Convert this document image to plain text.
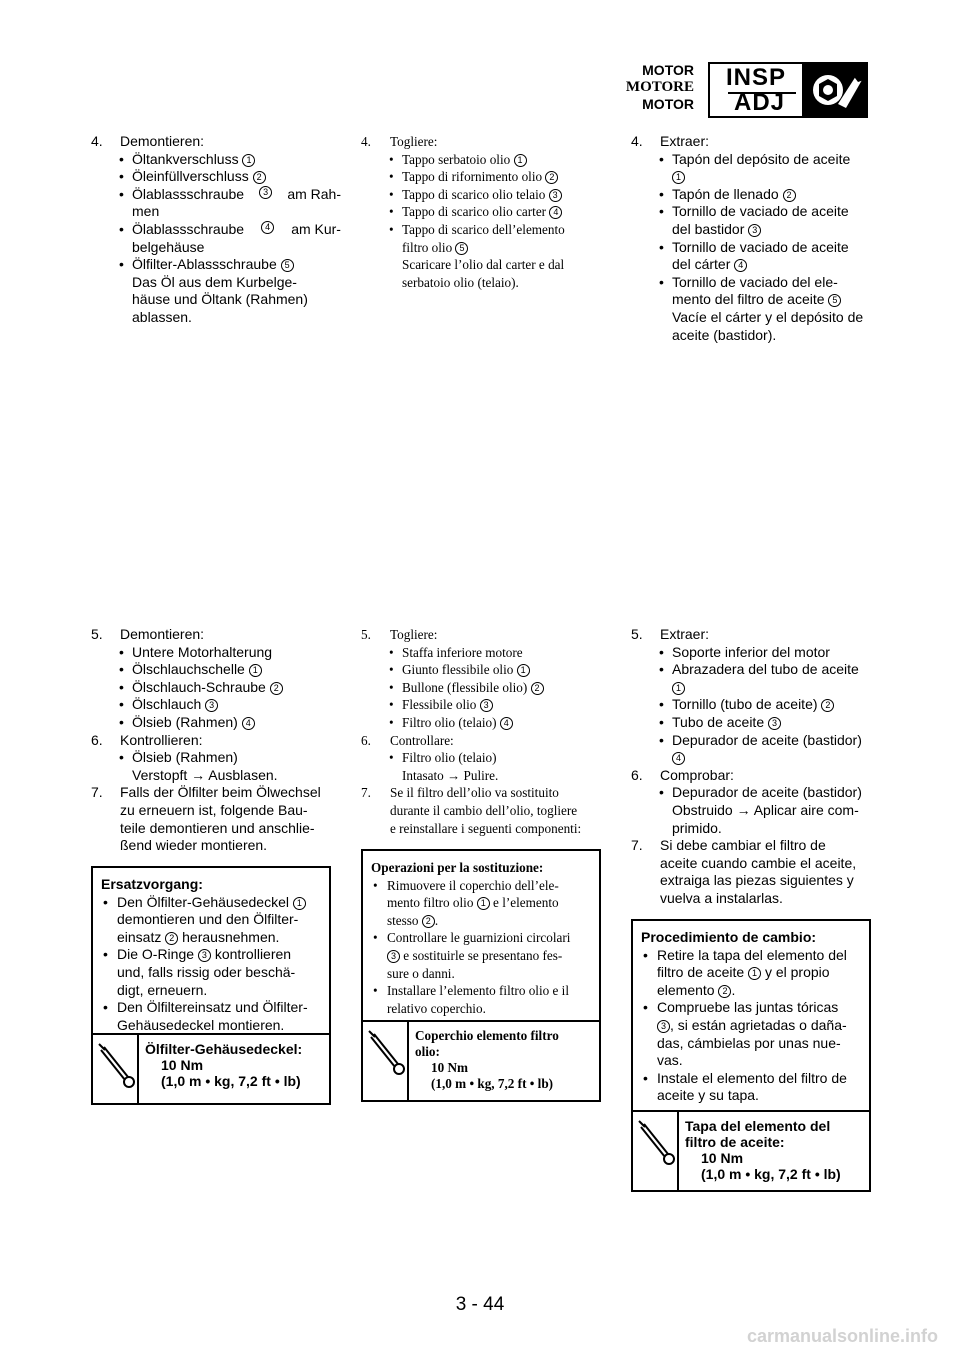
MOTOR
MOTORE
MOTOR
INSP
ADJ
4. Demontieren:
• Öltankverschluss 1
• Öleinfüllverschluss 2
• Ölablassschraube	3 am Rah-
men
• Ölablassschraube	4 am Kur-
belgehäuse
• Ölfilter-Ablassschraube 5
Das Öl aus dem Kurbelge-
häuse und Öltank (Rahmen)
ablassen.
4. Togliere:
• Tappo serbatoio olio 1
• Tappo di rifornimento olio 2
• Tappo di scarico olio telaio 3
• Tappo di scarico olio carter 4
• Tappo di scarico dell’elemento
filtro olio 5
Scaricare l’olio dal carter e dal
serbatoio olio (telaio).
4. Extraer:
• Tapón del depósito de aceite
1
• Tapón de llenado 2
• Tornillo de vaciado de aceite
del bastidor 3
• Tornillo de vaciado de aceite
del cárter 4
• Tornillo de vaciado del ele-
mento del filtro de aceite 5
Vacíe el cárter y el depósito de
aceite (bastidor).
5. Demontieren:
• Untere Motorhalterung
• Ölschlauchschelle 1
• Ölschlauch-Schraube 2
• Ölschlauch 3
• Ölsieb (Rahmen) 4
6. Kontrollieren:
• Ölsieb (Rahmen)
Verstopft → Ausblasen.
7. Falls der Ölfilter beim Ölwechsel
zu erneuern ist, folgende Bau-
teile demontieren und anschlie-
ßend wieder montieren.
Ersatzvorgang:
• Den Ölfilter-Gehäusedeckel 1
demontieren und den Ölfilter-
einsatz 2 herausnehmen.
• Die O-Ringe 3 kontrollieren
und, falls rissig oder beschä-
digt, erneuern.
• Den Ölfiltereinsatz und Ölfilter-
Gehäusedeckel montieren.
Ölfilter-Gehäusedeckel:
10 Nm
(1,0 m • kg, 7,2 ft • lb)
5. Togliere:
• Staffa inferiore motore
• Giunto flessibile olio 1
• Bullone (flessibile olio) 2
• Flessibile olio 3
• Filtro olio (telaio) 4
6. Controllare:
• Filtro olio (telaio)
Intasato → Pulire.
7. Se il filtro dell’olio va sostituito
durante il cambio dell’olio, togliere
e reinstallare i seguenti componenti:
Operazioni per la sostituzione:
• Rimuovere il coperchio dell’ele-
mento filtro olio 1 e l’elemento
stesso 2 .
• Controllare le guarnizioni circolari
3 e sostituirle se presentano fes-
sure o danni.
• Installare l’elemento filtro olio e il
relativo coperchio.
Coperchio elemento filtro
olio:
10 Nm
(1,0 m • kg, 7,2 ft • lb)
5. Extraer:
• Soporte inferior del motor
• Abrazadera del tubo de aceite
1
• Tornillo (tubo de aceite) 2
• Tubo de aceite 3
• Depurador de aceite (bastidor)
4
6. Comprobar:
• Depurador de aceite (bastidor)
Obstruido → Aplicar aire com-
primido.
7. Si debe cambiar el filtro de
aceite cuando cambie el aceite,
extraiga las piezas siguientes y
vuelva a instalarlas.
Procedimiento de cambio:
• Retire la tapa del elemento del
filtro de aceite 1 y el propio
elemento 2 .
• Compruebe las juntas tóricas
3 , si están agrietadas o daña-
das, cámbielas por unas nue-
vas.
• Instale el elemento del filtro de
aceite y su tapa.
Tapa del elemento del
filtro de aceite:
10 Nm
(1,0 m • kg, 7,2 ft • lb)
3 - 44
carmanualsonline.info
